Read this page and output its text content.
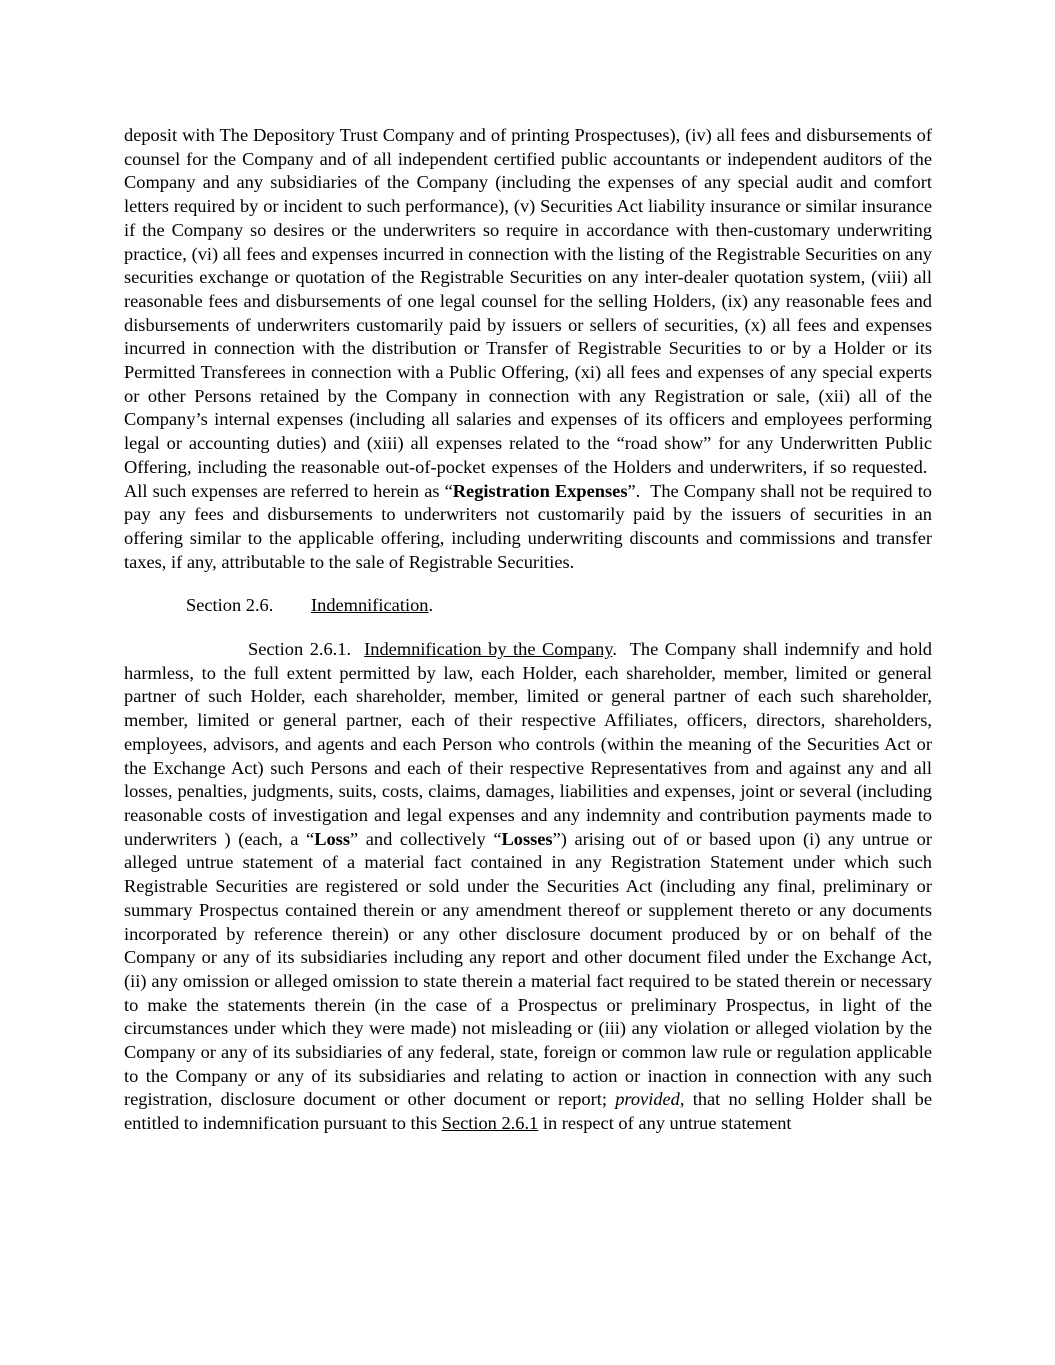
deposit with The Depository Trust Company and of printing Prospectuses), (iv) all fees and disbursements of counsel for the Company and of all independent certified public accountants or independent auditors of the Company and any subsidiaries of the Company (including the expenses of any special audit and comfort letters required by or incident to such performance), (v) Securities Act liability insurance or similar insurance if the Company so desires or the underwriters so require in accordance with then-customary underwriting practice, (vi) all fees and expenses incurred in connection with the listing of the Registrable Securities on any securities exchange or quotation of the Registrable Securities on any inter-dealer quotation system, (viii) all reasonable fees and disbursements of one legal counsel for the selling Holders, (ix) any reasonable fees and disbursements of underwriters customarily paid by issuers or sellers of securities, (x) all fees and expenses incurred in connection with the distribution or Transfer of Registrable Securities to or by a Holder or its Permitted Transferees in connection with a Public Offering, (xi) all fees and expenses of any special experts or other Persons retained by the Company in connection with any Registration or sale, (xii) all of the Company’s internal expenses (including all salaries and expenses of its officers and employees performing legal or accounting duties) and (xiii) all expenses related to the “road show” for any Underwritten Public Offering, including the reasonable out-of-pocket expenses of the Holders and underwriters, if so requested.  All such expenses are referred to herein as “Registration Expenses”.  The Company shall not be required to pay any fees and disbursements to underwriters not customarily paid by the issuers of securities in an offering similar to the applicable offering, including underwriting discounts and commissions and transfer taxes, if any, attributable to the sale of Registrable Securities.

Section 2.6. Indemnification.

Section 2.6.1. Indemnification by the Company.  The Company shall indemnify and hold harmless, to the full extent permitted by law, each Holder, each shareholder, member, limited or general partner of such Holder, each shareholder, member, limited or general partner of each such shareholder, member, limited or general partner, each of their respective Affiliates, officers, directors, shareholders, employees, advisors, and agents and each Person who controls (within the meaning of the Securities Act or the Exchange Act) such Persons and each of their respective Representatives from and against any and all losses, penalties, judgments, suits, costs, claims, damages, liabilities and expenses, joint or several (including reasonable costs of investigation and legal expenses and any indemnity and contribution payments made to underwriters ) (each, a “Loss” and collectively “Losses”) arising out of or based upon (i) any untrue or alleged untrue statement of a material fact contained in any Registration Statement under which such Registrable Securities are registered or sold under the Securities Act (including any final, preliminary or summary Prospectus contained therein or any amendment thereof or supplement thereto or any documents incorporated by reference therein) or any other disclosure document produced by or on behalf of the Company or any of its subsidiaries including any report and other document filed under the Exchange Act, (ii) any omission or alleged omission to state therein a material fact required to be stated therein or necessary to make the statements therein (in the case of a Prospectus or preliminary Prospectus, in light of the circumstances under which they were made) not misleading or (iii) any violation or alleged violation by the Company or any of its subsidiaries of any federal, state, foreign or common law rule or regulation applicable to the Company or any of its subsidiaries and relating to action or inaction in connection with any such registration, disclosure document or other document or report; provided, that no selling Holder shall be entitled to indemnification pursuant to this Section 2.6.1 in respect of any untrue statement
